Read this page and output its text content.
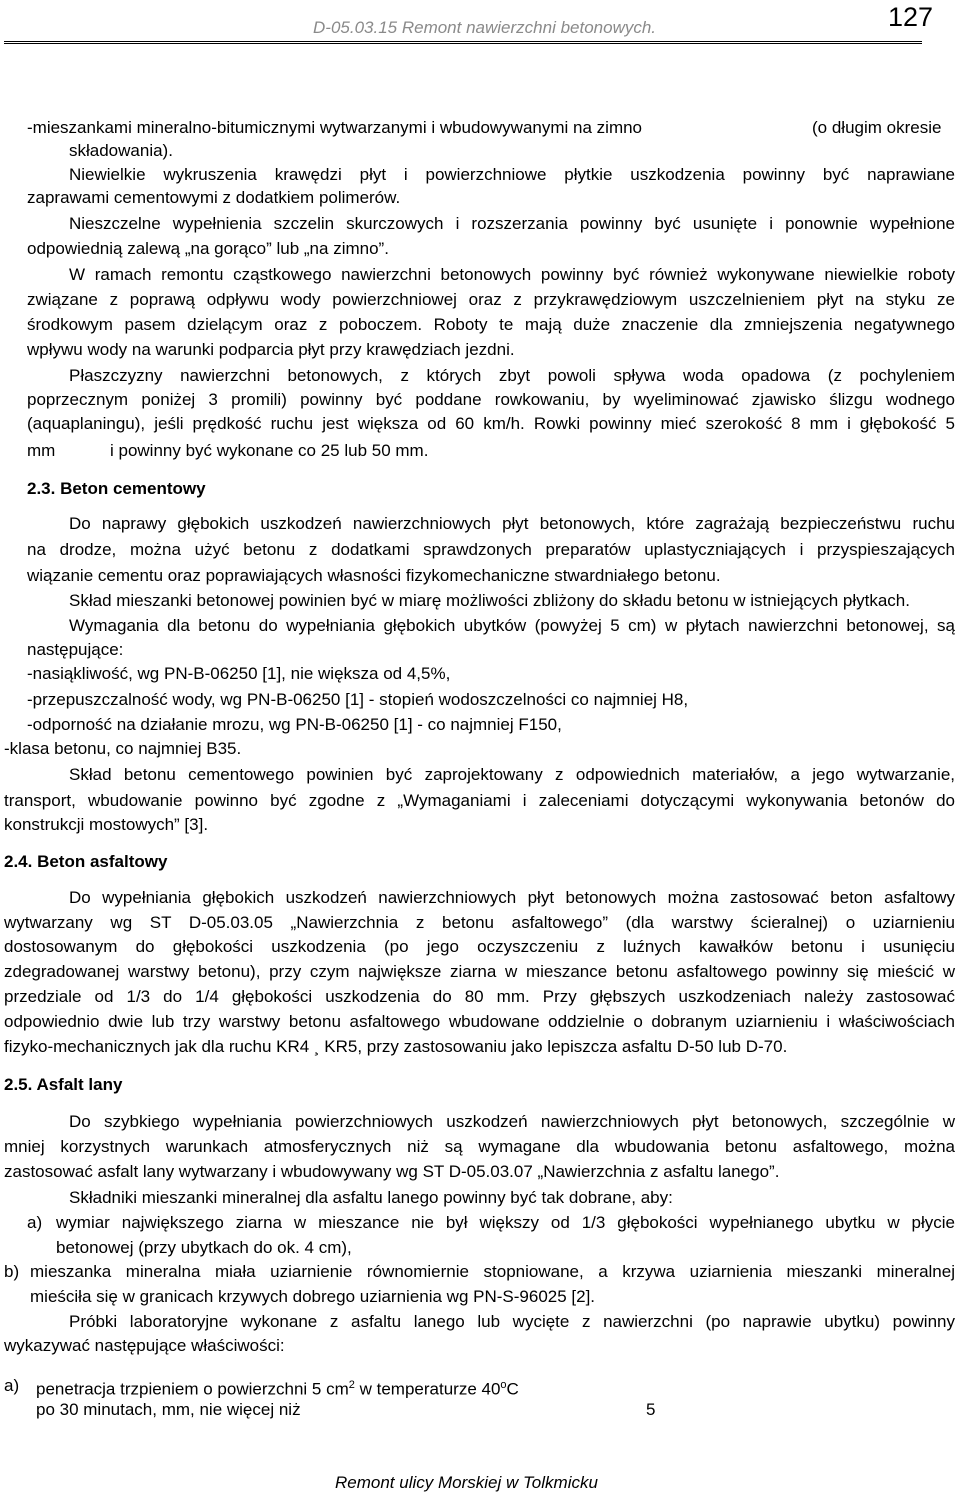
D-05.03.15 Remont nawierzchni betonowych.	127
-mieszankami mineralno-bitumicznymi wytwarzanymi i wbudowywanymi na zimno	(o długim okresie
składowania).
Niewielkie wykruszenia krawędzi płyt i powierzchniowe płytkie uszkodzenia powinny być naprawiane
zaprawami cementowymi z dodatkiem polimerów.
Nieszczelne wypełnienia szczelin skurczowych i rozszerzania powinny być usunięte i ponownie wypełnione
odpowiednią zalewą „na gorąco” lub „na zimno”.
W ramach remontu cząstkowego nawierzchni betonowych powinny być również wykonywane niewielkie roboty
związane z poprawą odpływu wody powierzchniowej oraz z przykrawędziowym uszczelnieniem płyt na styku ze
środkowym pasem dzielącym oraz z poboczem. Roboty te mają duże znaczenie dla zmniejszenia negatywnego
wpływu wody na warunki podparcia płyt przy krawędziach jezdni.
Płaszczyzny nawierzchni betonowych, z których zbyt powoli spływa woda opadowa (z pochyleniem
poprzecznym poniżej 3 promili) powinny być poddane rowkowaniu, by wyeliminować zjawisko ślizgu wodnego
(aquaplaningu), jeśli prędkość ruchu jest większa od 60 km/h. Rowki powinny mieć szerokość 8 mm i głębokość 5
mm	i powinny być wykonane co 25 lub 50 mm.
2.3. Beton cementowy
Do naprawy głębokich uszkodzeń nawierzchniowych płyt betonowych, które zagrażają bezpieczeństwu ruchu
na drodze, można użyć betonu z dodatkami sprawdzonych preparatów uplastyczniających i przyspieszających
wiązanie cementu oraz poprawiających własności fizykomechaniczne stwardniałego betonu.
Skład mieszanki betonowej powinien być w miarę możliwości zbliżony do składu betonu w istniejących płytkach.
Wymagania dla betonu do wypełniania głębokich ubytków (powyżej 5 cm) w płytach nawierzchni betonowej, są
następujące:
-nasiąkliwość, wg PN-B-06250 [1], nie większa od 4,5%,
-przepuszczalność wody, wg PN-B-06250 [1] - stopień wodoszczelności co najmniej H8,
-odporność na działanie mrozu, wg PN-B-06250 [1] - co najmniej F150,
-klasa betonu, co najmniej B35.
Skład betonu cementowego powinien być zaprojektowany z odpowiednich materiałów, a jego wytwarzanie,
transport, wbudowanie powinno być zgodne z „Wymaganiami i zaleceniami dotyczącymi wykonywania betonów do
konstrukcji mostowych” [3].
2.4. Beton asfaltowy
Do wypełniania głębokich uszkodzeń nawierzchniowych płyt betonowych można zastosować beton asfaltowy
wytwarzany wg ST D-05.03.05 „Nawierzchnia z betonu asfaltowego” (dla warstwy ścieralnej) o uziarnieniu
dostosowanym do głębokości uszkodzenia (po jego oczyszczeniu z luźnych kawałków betonu i usunięciu
zdegradowanej warstwy betonu), przy czym największe ziarna w mieszance betonu asfaltowego powinny się mieścić w
przedziale od 1/3 do 1/4 głębokości uszkodzenia do 80 mm. Przy głębszych uszkodzeniach należy zastosować
odpowiednio dwie lub trzy warstwy betonu asfaltowego wbudowane oddzielnie o dobranym uziarnieniu i właściwościach
fizyko-mechanicznych jak dla ruchu KR4 ¸ KR5, przy zastosowaniu jako lepiszcza asfaltu D-50 lub D-70.
2.5. Asfalt lany
Do szybkiego wypełniania powierzchniowych uszkodzeń nawierzchniowych płyt betonowych, szczególnie w
mniej korzystnych warunkach atmosferycznych niż są wymagane dla wbudowania betonu asfaltowego, można
zastosować asfalt lany wytwarzany i wbudowywany wg ST D-05.03.07 „Nawierzchnia z asfaltu lanego”.
Składniki mieszanki mineralnej dla asfaltu lanego powinny być tak dobrane, aby:
a) wymiar największego ziarna w mieszance nie był większy od 1/3 głębokości wypełnianego ubytku w płycie
betonowej (przy ubytkach do ok. 4 cm),
b) mieszanka mineralna miała uziarnienie równomiernie stopniowane, a krzywa uziarnienia mieszanki mineralnej
mieściła się w granicach krzywych dobrego uziarnienia wg PN-S-96025 [2].
Próbki laboratoryjne wykonane z asfaltu lanego lub wycięte z nawierzchni (po naprawie ubytku) powinny
wykazywać następujące właściwości:
a) penetracja trzpieniem o powierzchni 5 $cm^2$ w temperaturze 40$^o$C
po 30 minutach, mm, nie więcej niż	5
Remont ulicy Morskiej w Tolkmicku
